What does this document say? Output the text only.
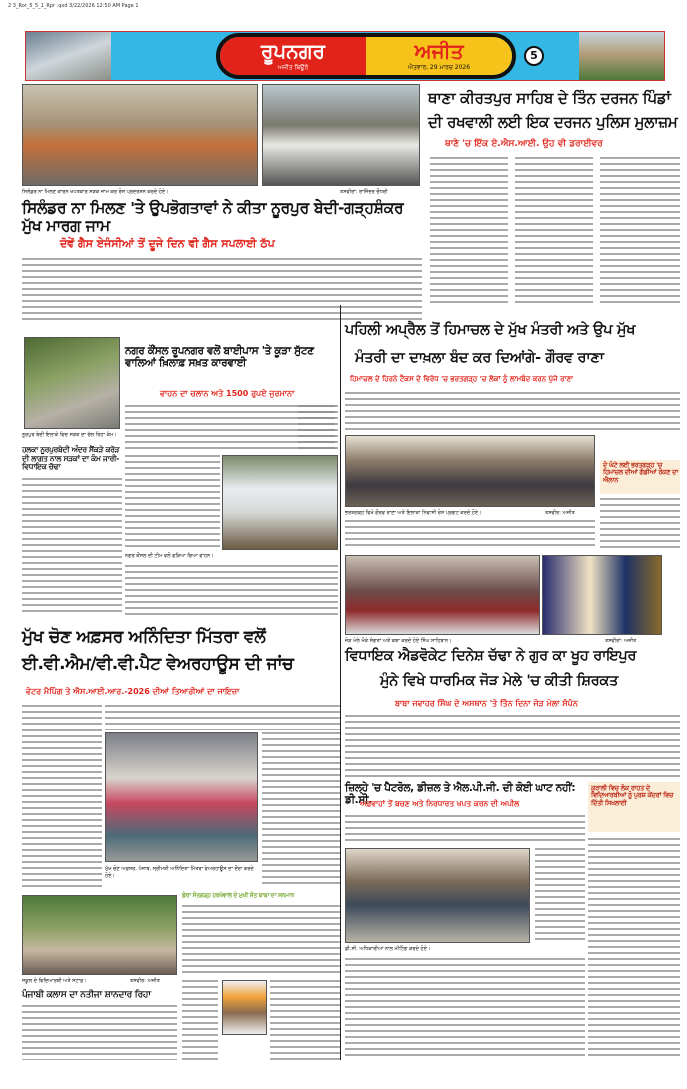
2 3_Ror_5_5_1_Rpr .qxd 3/22/2026 12:50 AM Page 1
ਰੂਪਨਗਰ
ਅਜੀਤ ਬਿਊਰੋ
ਅਜੀਤ
ਐਤਵਾਰ, 29 ਮਾਰਚ 2026
5
ਸਿਲੰਡਰ ਨਾ ਮਿਲਣ ਕਾਰਨ ਖਪਤਕਾਰ ਸੜਕ ਜਾਮ ਕਰ ਰੋਸ ਪ੍ਰਦਰਸ਼ਨ ਕਰਦੇ ਹੋਏ।	ਤਸਵੀਰਾਂ: ਰਾਜਿੰਦਰ ਚੌਧਰੀ
ਥਾਣਾ ਕੀਰਤਪੁਰ ਸਾਹਿਬ ਦੇ ਤਿੰਨ ਦਰਜਨ ਪਿੰਡਾਂ
ਦੀ ਰਖਵਾਲੀ ਲਈ ਇਕ ਦਰਜਨ ਪੁਲਿਸ ਮੁਲਾਜ਼ਮ
ਥਾਣੇ 'ਚ ਇੱਕ ਏ.ਐਸ.ਆਈ. ਉਹ ਵੀ ਡਰਾਈਵਰ
ਸਿਲੰਡਰ ਨਾ ਮਿਲਣ 'ਤੇ ਉਪਭੋਗਤਾਵਾਂ ਨੇ ਕੀਤਾ ਨੂਰਪੁਰ ਬੇਦੀ-ਗੜ੍ਹਸ਼ੰਕਰ ਮੁੱਖ ਮਾਰਗ ਜਾਮ
ਦੋਵੇਂ ਗੈਸ ਏਜੰਸੀਆਂ ਤੋਂ ਦੂਜੇ ਦਿਨ ਵੀ ਗੈਸ ਸਪਲਾਈ ਠੱਪ
ਨੂਰਪੁਰ ਬੇਦੀ ਇਲਾਕੇ ਵਿਚ ਸੜਕ ਦਾ ਚੱਲ ਰਿਹਾ ਕੰਮ।
ਹਲਕਾ ਨੂਰਪੁਰਬੇਦੀ ਅੰਦਰ ਸੈਂਕੜੇ ਕਰੋੜ ਦੀ ਲਾਗਤ ਨਾਲ ਸੜਕਾਂ ਦਾ ਕੰਮ ਜਾਰੀ-ਵਿਧਾਇਕ ਚੱਢਾ
ਨਗਰ ਕੌਂਸਲ ਰੂਪਨਗਰ ਵਲੋਂ ਬਾਈਪਾਸ 'ਤੇ ਕੂੜਾ ਸੁੱਟਣ ਵਾਲਿਆਂ ਖ਼ਿਲਾਫ਼ ਸਖ਼ਤ ਕਾਰਵਾਈ
ਵਾਹਨ ਦਾ ਚਲਾਨ ਅਤੇ 1500 ਰੁਪਏ ਜੁਰਮਾਨਾ
ਨਗਰ ਕੌਂਸਲ ਦੀ ਟੀਮ ਵਲੋਂ ਫੜਿਆ ਗਿਆ ਵਾਹਨ।
ਪਹਿਲੀ ਅਪ੍ਰੈਲ ਤੋਂ ਹਿਮਾਚਲ ਦੇ ਮੁੱਖ ਮੰਤਰੀ ਅਤੇ ਉਪ ਮੁੱਖ
ਮੰਤਰੀ ਦਾ ਦਾਖ਼ਲਾ ਬੰਦ ਕਰ ਦਿਆਂਗੇ- ਗੌਰਵ ਰਾਣਾ
ਹਿਮਾਚਲ ਦੇ ਹਿਰਨੇ ਟੈਕਸ ਦੇ ਵਿਰੋਧ 'ਚ ਭਰਤਗੜ੍ਹ 'ਚ ਲੋਕਾਂ ਨੂੰ ਲਾਮਬੰਦ ਕਰਨ ਪੁੱਜੇ ਰਾਣਾ
ਭਰਤਗੜ੍ਹ ਵਿਖੇ ਗੌਰਵ ਰਾਣਾ ਅਤੇ ਇਲਾਕਾ ਨਿਵਾਸੀ ਰੋਸ ਪ੍ਰਗਟ ਕਰਦੇ ਹੋਏ।	ਤਸਵੀਰ: ਅਜੀਤ
ਦੋ ਘੰਟੇ ਲਈ ਭਰਤਗੜ੍ਹ 'ਚ ਹਿਮਾਚਲ ਦੀਆਂ ਗੱਡੀਆਂ ਰੋਕਣ ਦਾ ਐਲਾਨ
ਜੋੜ ਮੇਲੇ ਮੌਕੇ ਸੰਗਤਾਂ ਅਤੇ ਕਥਾ ਕਰਦੇ ਹੋਏ ਸਿੰਘ ਸਾਹਿਬਾਨ।	ਤਸਵੀਰਾਂ: ਅਜੀਤ
ਮੁੱਖ ਚੋਣ ਅਫ਼ਸਰ ਅਨਿੰਦਿਤਾ ਮਿੱਤਰਾ ਵਲੋਂ
ਈ.ਵੀ.ਐਮ/ਵੀ.ਵੀ.ਪੈਟ ਵੇਅਰਹਾਊਸ ਦੀ ਜਾਂਚ
ਵੋਟਰ ਮੈਪਿੰਗ ਤੇ ਐਸ.ਆਈ.ਆਰ.-2026 ਦੀਆਂ ਤਿਆਰੀਆਂ ਦਾ ਜਾਇਜ਼ਾ
ਮੁੱਖ ਚੋਣ ਅਫ਼ਸਰ, ਪੰਜਾਬ, ਸ੍ਰੀਮਤੀ ਅਨਿੰਦਿਤਾ ਮਿੱਤਰਾ ਵੇਅਰਹਾਊਸ ਦਾ ਦੌਰਾ ਕਰਦੇ ਹੋਏ।
ਸਕੂਲ ਦੇ ਵਿਦਿਆਰਥੀ ਅਤੇ ਸਟਾਫ਼।	ਤਸਵੀਰ: ਅਜੀਤ
ਪੰਜਾਬੀ ਕਲਾਸ ਦਾ ਨਤੀਜਾ ਸ਼ਾਨਦਾਰ ਰਿਹਾ
ਡੇਰਾ ਸੰਤਗੜ੍ਹ ਹਰਖੋਵਾਲ ਦੇ ਮੁਖੀ ਸੰਤ ਬਾਬਾ ਦਾ ਸਨਮਾਨ
ਵਿਧਾਇਕ ਐਡਵੋਕੇਟ ਦਿਨੇਸ਼ ਚੱਢਾ ਨੇ ਗੁਰ ਕਾ ਖੂਹ ਰਾਇਪੁਰ
ਮੁੰਨੇ ਵਿਖੇ ਧਾਰਮਿਕ ਜੋੜ ਮੇਲੇ 'ਚ ਕੀਤੀ ਸ਼ਿਰਕਤ
ਬਾਬਾ ਜਵਾਹਰ ਸਿੰਘ ਦੇ ਅਸਥਾਨ 'ਤੇ ਤਿੰਨ ਦਿਨਾ ਜੋੜ ਮੇਲਾ ਸੰਪੰਨ
ਜ਼ਿਲ੍ਹੇ 'ਚ ਪੈਟਰੋਲ, ਡੀਜ਼ਲ ਤੇ ਐਲ.ਪੀ.ਜੀ. ਦੀ ਕੋਈ ਘਾਟ ਨਹੀਂ: ਡੀ.ਸੀ.
ਅਫ਼ਵਾਹਾਂ ਤੋਂ ਬਚਣ ਅਤੇ ਨਿਰਧਾਰਤ ਖਪਤ ਕਰਨ ਦੀ ਅਪੀਲ
ਕੁਰਾਲੀ ਵਿਚ ਲੋਕ ਰਾਹਤ ਦੇ ਵਿਦਿਆਰਥੀਆਂ ਨੂੰ ਪੁਰਸ਼ ਕੇਂਦਰਾਂ ਵਿਚ ਦਿੱਤੀ ਸਿਖਲਾਈ
ਡੀ.ਸੀ. ਅਧਿਕਾਰੀਆਂ ਨਾਲ ਮੀਟਿੰਗ ਕਰਦੇ ਹੋਏ।
